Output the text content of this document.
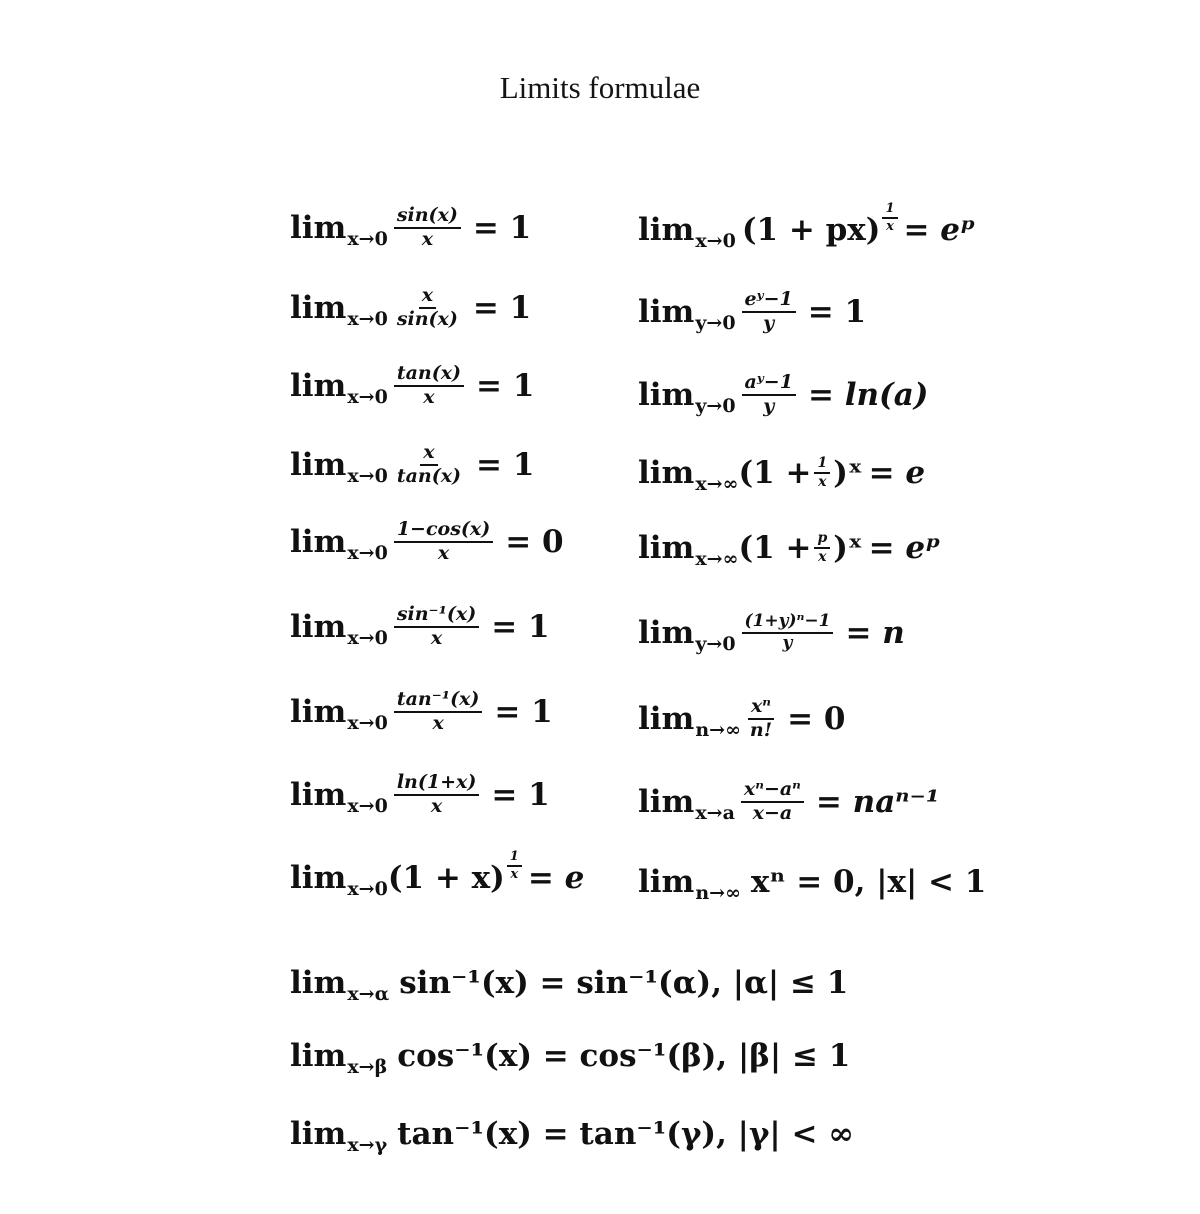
Limits formulae
$\lim x\to 0 \frac{\sin(x)}{x} = 1$
$\lim x\to 0 \frac{x}{\sin(x)} = 1$
$\lim x\to 0 \frac{\tan(x)}{x} = 1$
$\lim x\to 0 \frac{x}{\tan(x)} = 1$
$\lim x\to 0 \frac{1-\cos(x)}{x} = 0$
$\lim x\to 0 \frac{\text{sin⁻¹(x)}}{x} = 1$
$\lim x\to 0 \frac{\text{tan⁻¹(x)}}{x} = 1$
$\lim x\to 0 \frac{\ln(1+x)}{x} = 1$
lim x→0 $(1 + x) \frac{1}{x} = e$
lim x→0 $(1 + px) \frac{1}{x}$ = eᵖ
$\lim y\to 0 \frac{\text{eʸ−1}}{y} = 1$
$\lim y\to 0 \frac{\text{aʸ−1}}{y} = \ln(a)$
lim x→∞ ($1 + \frac{1}{x}$ )ˣ = e
lim x→∞ ($1 + \frac{p}{x}$ )ˣ = eᵖ
$\lim y\to 0 \frac{\text{(1+y)ⁿ−1}}{y} = n$
$\lim n\to\infty \frac{\text{xⁿ}}{n!} = 0$
$\lim x\to a \frac{\text{xⁿ−aⁿ}}{x-a} = na^{n-1}$
lim n→∞ xⁿ = 0, |x| < 1
lim x→α sin⁻¹(x) = sin⁻¹(α), |α| ≤ 1
lim x→β cos⁻¹(x) = cos⁻¹(β), |β| ≤ 1
lim x→γ tan⁻¹(x) = tan⁻¹(γ), |γ| < ∞
